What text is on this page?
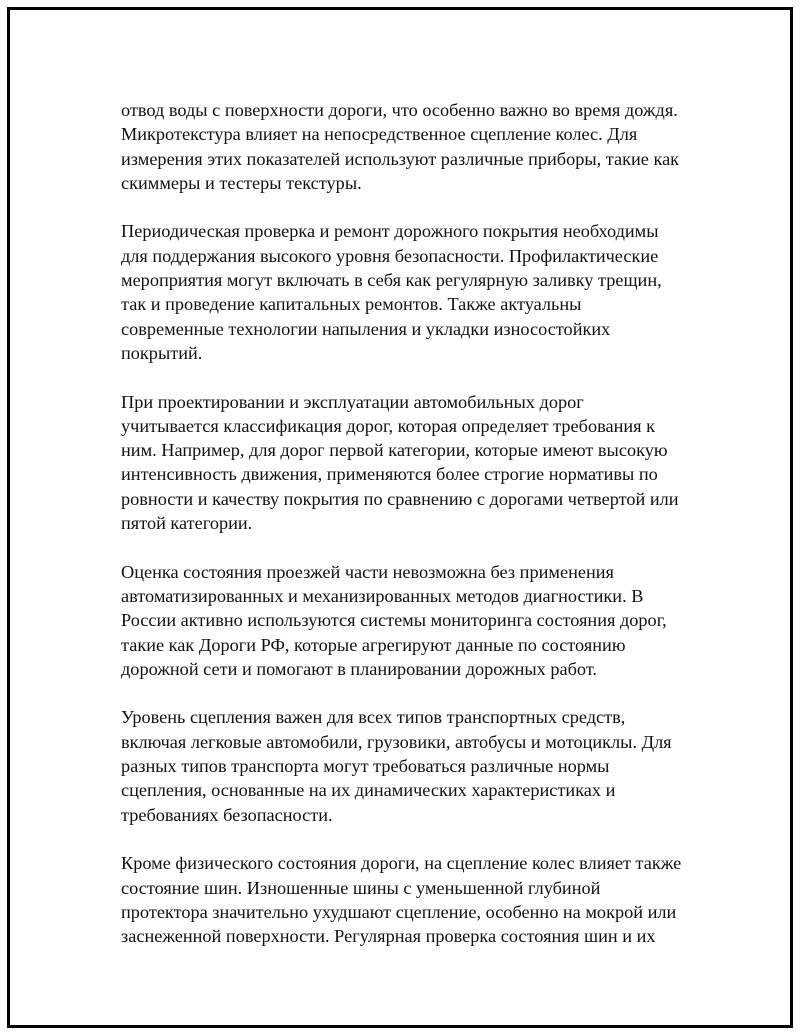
отвод воды с поверхности дороги, что особенно важно во время дождя.
Микротекстура влияет на непосредственное сцепление колес. Для
измерения этих показателей используют различные приборы, такие как
скиммеры и тестеры текстуры.

Периодическая проверка и ремонт дорожного покрытия необходимы
для поддержания высокого уровня безопасности. Профилактические
мероприятия могут включать в себя как регулярную заливку трещин,
так и проведение капитальных ремонтов. Также актуальны
современные технологии напыления и укладки износостойких
покрытий.

При проектировании и эксплуатации автомобильных дорог
учитывается классификация дорог, которая определяет требования к
ним. Например, для дорог первой категории, которые имеют высокую
интенсивность движения, применяются более строгие нормативы по
ровности и качеству покрытия по сравнению с дорогами четвертой или
пятой категории.

Оценка состояния проезжей части невозможна без применения
автоматизированных и механизированных методов диагностики. В
России активно используются системы мониторинга состояния дорог,
такие как Дороги РФ, которые агрегируют данные по состоянию
дорожной сети и помогают в планировании дорожных работ.

Уровень сцепления важен для всех типов транспортных средств,
включая легковые автомобили, грузовики, автобусы и мотоциклы. Для
разных типов транспорта могут требоваться различные нормы
сцепления, основанные на их динамических характеристиках и
требованиях безопасности.

Кроме физического состояния дороги, на сцепление колес влияет также
состояние шин. Изношенные шины с уменьшенной глубиной
протектора значительно ухудшают сцепление, особенно на мокрой или
заснеженной поверхности. Регулярная проверка состояния шин и их
